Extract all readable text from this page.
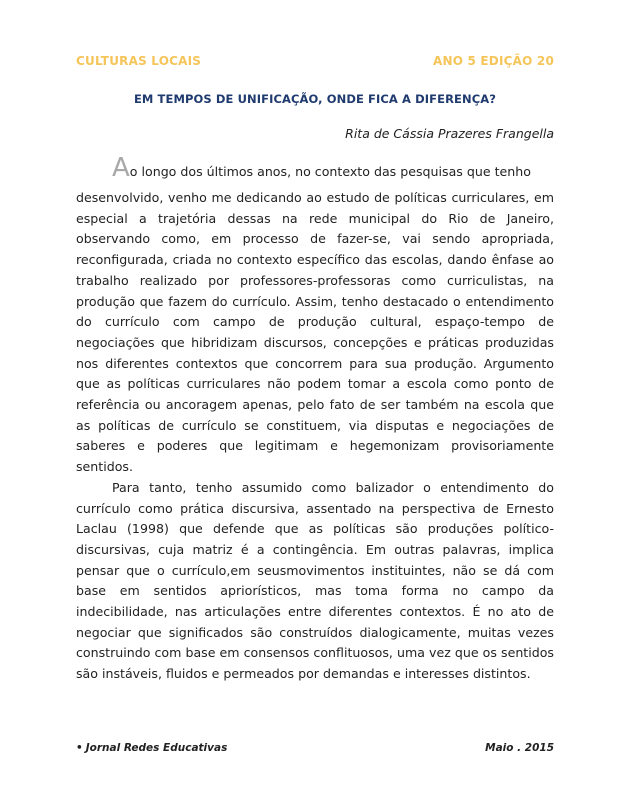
CULTURAS LOCAIS	ANO 5 EDIÇÃO 20
EM TEMPOS DE UNIFICAÇÃO, ONDE FICA A DIFERENÇA?
Rita de Cássia Prazeres Frangella

Ao longo dos últimos anos, no contexto das pesquisas que tenho

desenvolvido, venho me dedicando ao estudo de políticas curriculares, em especial a trajetória dessas na rede municipal do Rio de Janeiro, observando como, em processo de fazer-se, vai sendo apropriada, reconfigurada, criada no contexto específico das escolas, dando ênfase ao trabalho realizado por professores-professoras como curriculistas, na produção que fazem do currículo. Assim, tenho destacado o entendimento do currículo com campo de produção cultural, espaço-tempo de negociações que hibridizam discursos, concepções e práticas produzidas nos diferentes contextos que concorrem para sua produção. Argumento que as políticas curriculares não podem tomar a escola como ponto de referência ou ancoragem apenas, pelo fato de ser também na escola que as políticas de currículo se constituem, via disputas e negociações de saberes e poderes que legitimam e hegemonizam provisoriamente sentidos.

Para tanto, tenho assumido como balizador o entendimento do currículo como prática discursiva, assentado na perspectiva de Ernesto Laclau (1998) que defende que as políticas são produções político-discursivas, cuja matriz é a contingência. Em outras palavras, implica pensar que o currículo,em seusmovimentos instituintes, não se dá com base em sentidos apriorísticos, mas toma forma no campo da indecibilidade, nas articulações entre diferentes contextos. É no ato de negociar que significados são construídos dialogicamente, muitas vezes construindo com base em consensos conflituosos, uma vez que os sentidos são instáveis, fluidos e permeados por demandas e interesses distintos.

• Jornal Redes Educativas	Maio . 2015
